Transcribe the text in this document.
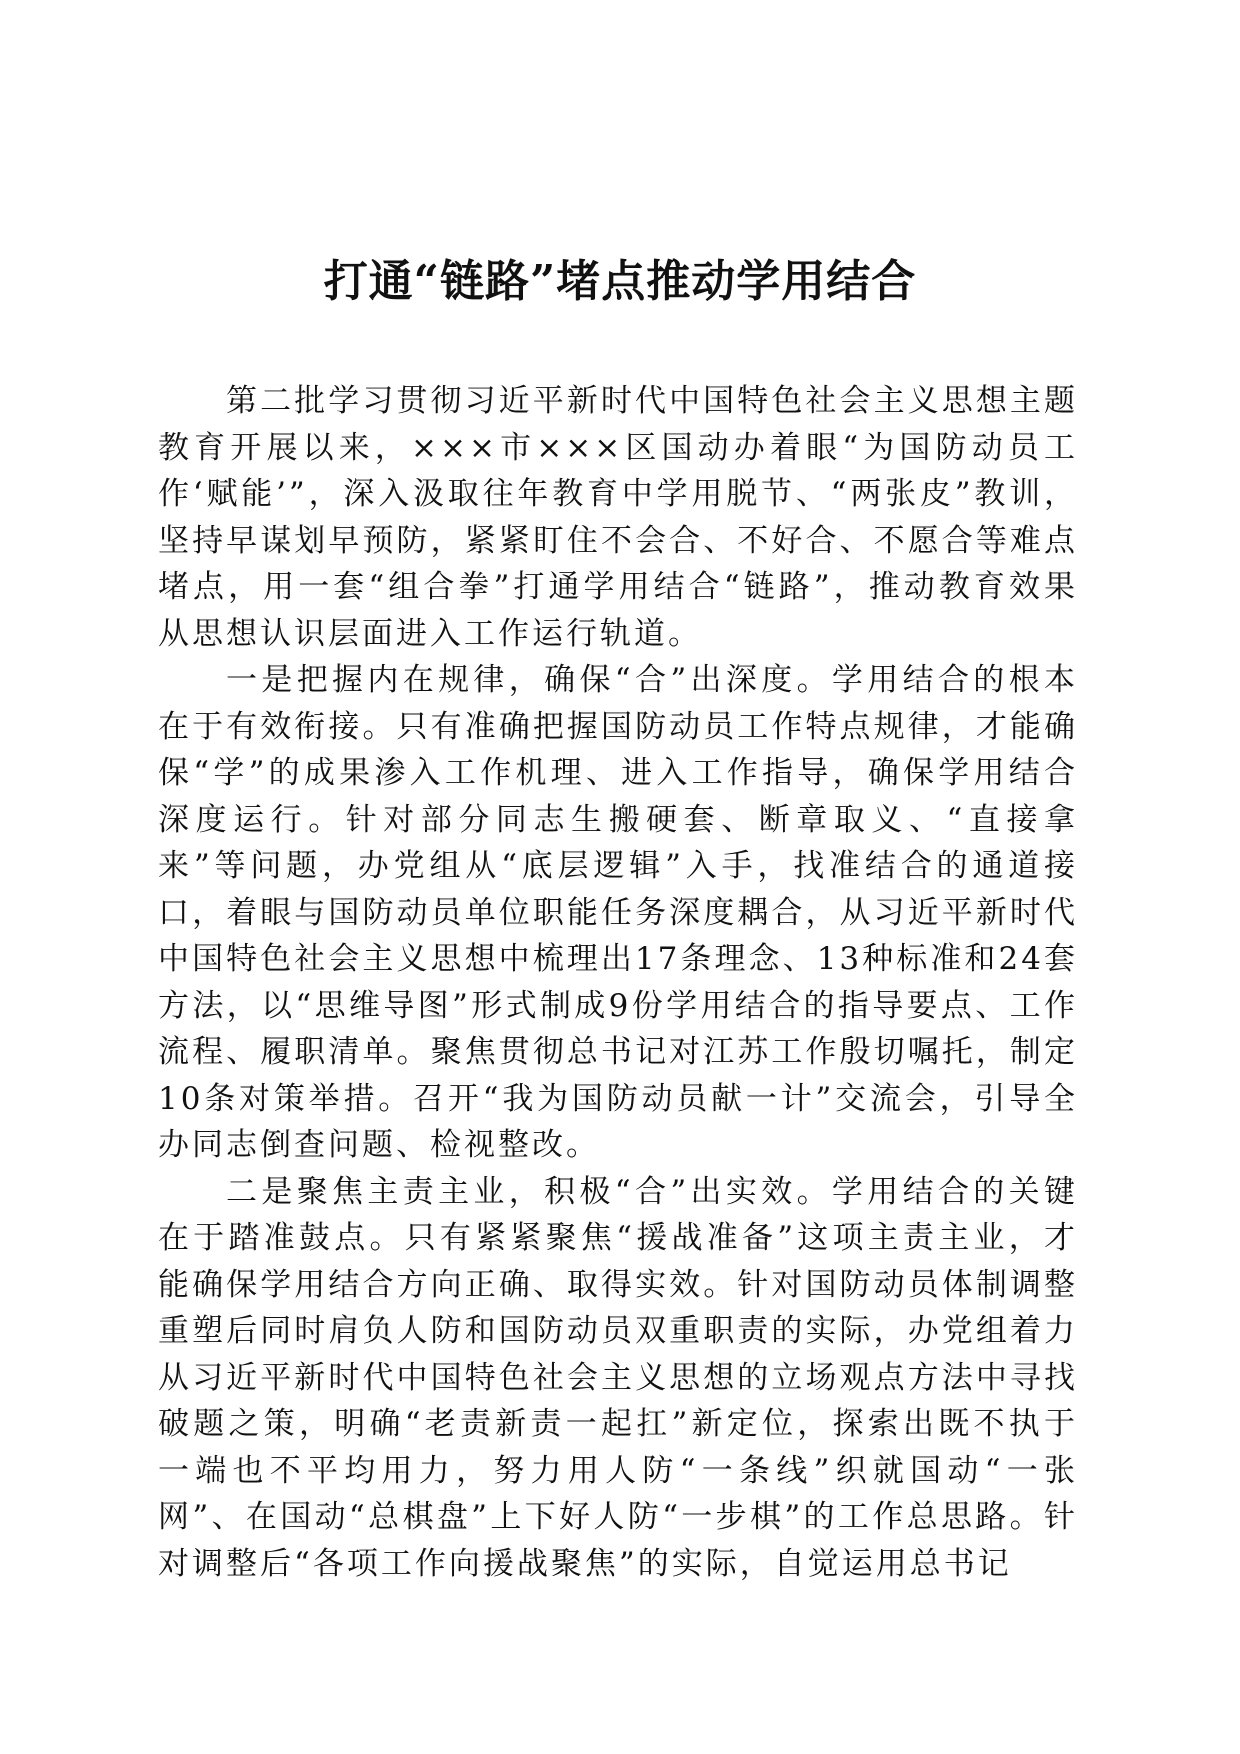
打通“链路”堵点推动学用结合

第二批学习贯彻习近平新时代中国特色社会主义思想主题教育开展以来，×××市×××区国动办着眼“为国防动员工作‘赋能’”，深入汲取往年教育中学用脱节、“两张皮”教训，坚持早谋划早预防，紧紧盯住不会合、不好合、不愿合等难点堵点，用一套“组合拳”打通学用结合“链路”，推动教育效果从思想认识层面进入工作运行轨道。

一是把握内在规律，确保“合”出深度。学用结合的根本在于有效衔接。只有准确把握国防动员工作特点规律，才能确保“学”的成果渗入工作机理、进入工作指导，确保学用结合深度运行。针对部分同志生搬硬套、断章取义、“直接拿来”等问题，办党组从“底层逻辑”入手，找准结合的通道接口，着眼与国防动员单位职能任务深度耦合，从习近平新时代中国特色社会主义思想中梳理出17条理念、13种标准和24套方法，以“思维导图”形式制成9份学用结合的指导要点、工作流程、履职清单。聚焦贯彻总书记对江苏工作殷切嘱托，制定10条对策举措。召开“我为国防动员献一计”交流会，引导全办同志倒查问题、检视整改。

二是聚焦主责主业，积极“合”出实效。学用结合的关键在于踏准鼓点。只有紧紧聚焦“援战准备”这项主责主业，才能确保学用结合方向正确、取得实效。针对国防动员体制调整重塑后同时肩负人防和国防动员双重职责的实际，办党组着力从习近平新时代中国特色社会主义思想的立场观点方法中寻找破题之策，明确“老责新责一起扛”新定位，探索出既不执于一端也不平均用力，努力用人防“一条线”织就国动“一张网”、在国动“总棋盘”上下好人防“一步棋”的工作总思路。针对调整后“各项工作向援战聚焦”的实际，自觉运用总书记
